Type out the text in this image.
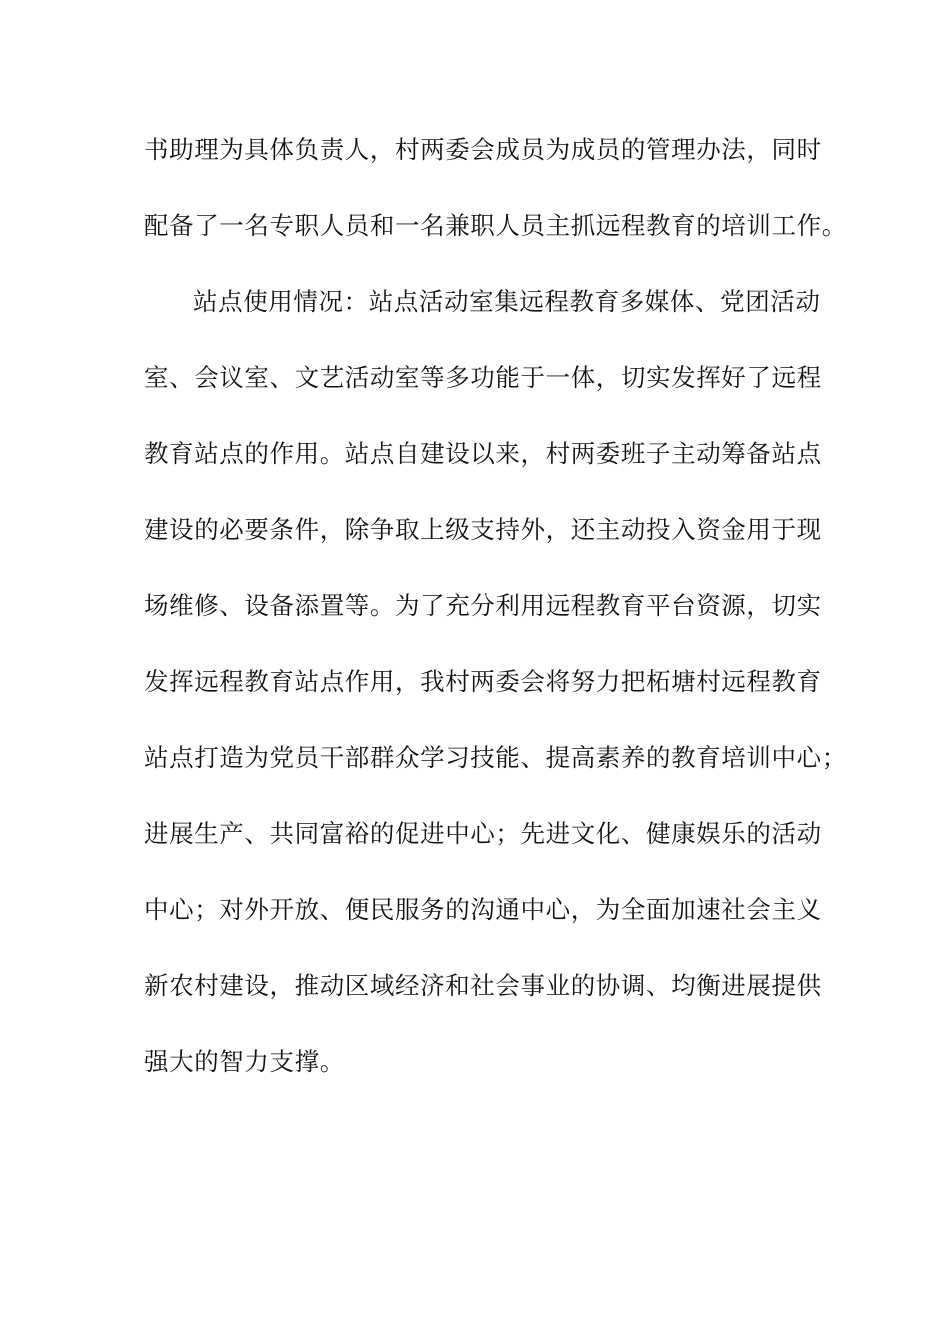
书助理为具体负责人，村两委会成员为成员的管理办法，同时
配备了一名专职人员和一名兼职人员主抓远程教育的培训工作。
站点使用情况：站点活动室集远程教育多媒体、党团活动
室、会议室、文艺活动室等多功能于一体，切实发挥好了远程
教育站点的作用。站点自建设以来，村两委班子主动筹备站点
建设的必要条件，除争取上级支持外，还主动投入资金用于现
场维修、设备添置等。为了充分利用远程教育平台资源，切实
发挥远程教育站点作用，我村两委会将努力把柘塘村远程教育
站点打造为党员干部群众学习技能、提高素养的教育培训中心；
进展生产、共同富裕的促进中心；先进文化、健康娱乐的活动
中心；对外开放、便民服务的沟通中心，为全面加速社会主义
新农村建设，推动区域经济和社会事业的协调、均衡进展提供
强大的智力支撑。
